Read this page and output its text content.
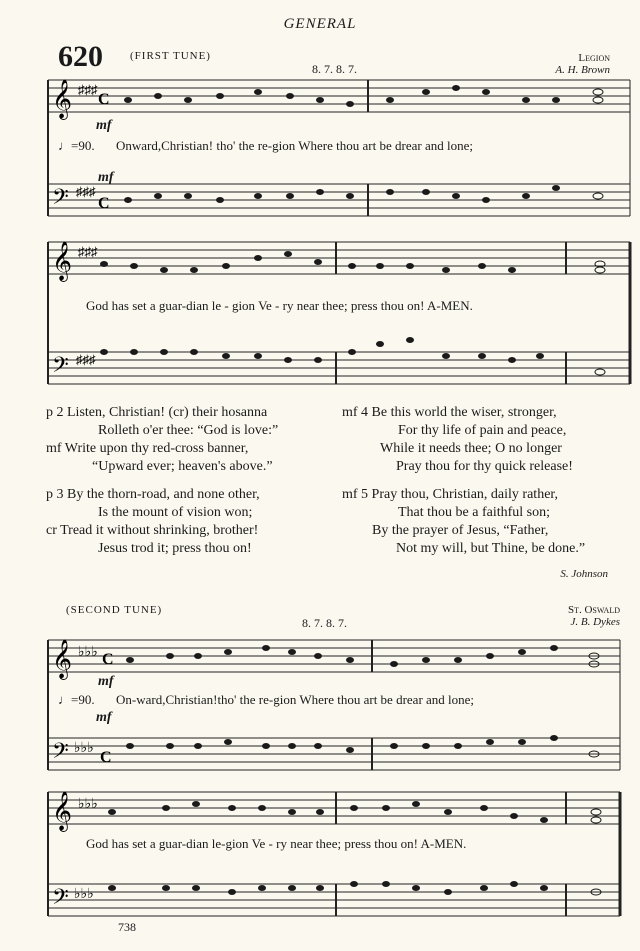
GENERAL
620 (FIRST TUNE)
8. 7. 8. 7.
Legion
A. H. Brown
𝄞
𝄢
𝄞
𝄢
♯♯♯
♯♯♯
♯♯♯
♯♯♯
C
C
mf
mf
♩=90. Onward,Christian! tho' the re-gion Where thou art be drear and lone;
God has set a guar-dian le - gion Ve - ry near thee; press thou on! A-MEN.
p 2 Listen, Christian! (cr) their hosanna
Rolleth o'er thee: “God is love:”
mf Write upon thy red-cross banner,
“Upward ever; heaven's above.”
p 3 By the thorn-road, and none other,
Is the mount of vision won;
cr Tread it without shrinking, brother!
Jesus trod it; press thou on!
mf 4 Be this world the wiser, stronger,
For thy life of pain and peace,
While it needs thee; O no longer
Pray thou for thy quick release!
mf 5 Pray thou, Christian, daily rather,
That thou be a faithful son;
By the prayer of Jesus, “Father,
Not my will, but Thine, be done.”
S. Johnson
(SECOND TUNE)
8. 7. 8. 7.
St. Oswald
J. B. Dykes
𝄞
𝄢
𝄞
𝄢
♭♭♭
♭♭♭
♭♭♭
♭♭♭
C
C
mf
mf
♩=90. On-ward,Christian!tho' the re-gion Where thou art be drear and lone;
God has set a guar-dian le-gion Ve - ry near thee; press thou on! A-MEN.
738
